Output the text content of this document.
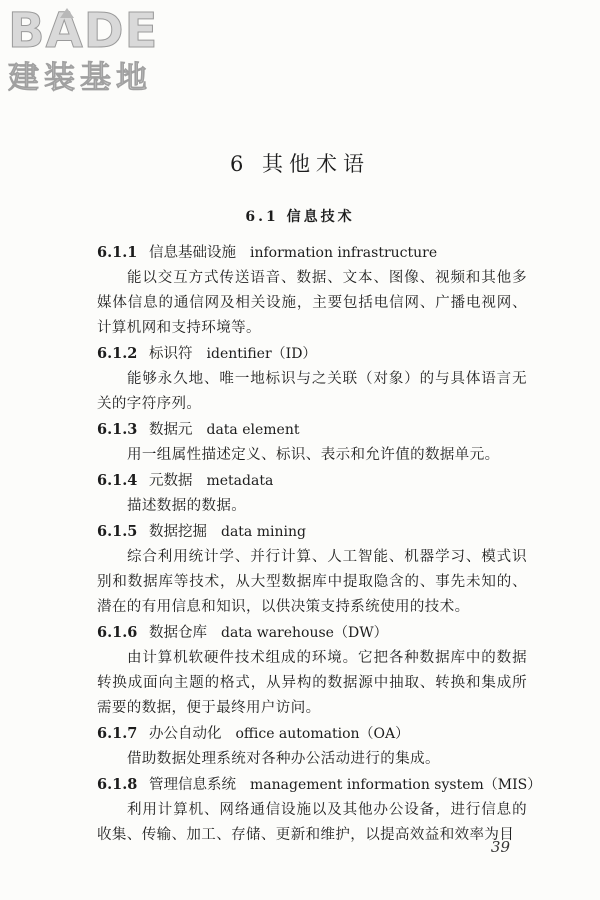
BADE
建装基地
6 其他术语
6.1 信息技术
6.1.1 信息基础设施 information infrastructure
能以交互方式传送语音、数据、文本、图像、视频和其他多媒体信息的通信网及相关设施，主要包括电信网、广播电视网、计算机网和支持环境等。
6.1.2 标识符 identifier（ID）
能够永久地、唯一地标识与之关联（对象）的与具体语言无关的字符序列。
6.1.3 数据元 data element
用一组属性描述定义、标识、表示和允许值的数据单元。
6.1.4 元数据 metadata
描述数据的数据。
6.1.5 数据挖掘 data mining
综合利用统计学、并行计算、人工智能、机器学习、模式识别和数据库等技术，从大型数据库中提取隐含的、事先未知的、潜在的有用信息和知识，以供决策支持系统使用的技术。
6.1.6 数据仓库 data warehouse（DW）
由计算机软硬件技术组成的环境。它把各种数据库中的数据转换成面向主题的格式，从异构的数据源中抽取、转换和集成所需要的数据，便于最终用户访问。
6.1.7 办公自动化 office automation（OA）
借助数据处理系统对各种办公活动进行的集成。
6.1.8 管理信息系统 management information system（MIS）
利用计算机、网络通信设施以及其他办公设备，进行信息的收集、传输、加工、存储、更新和维护，以提高效益和效率为目
39
